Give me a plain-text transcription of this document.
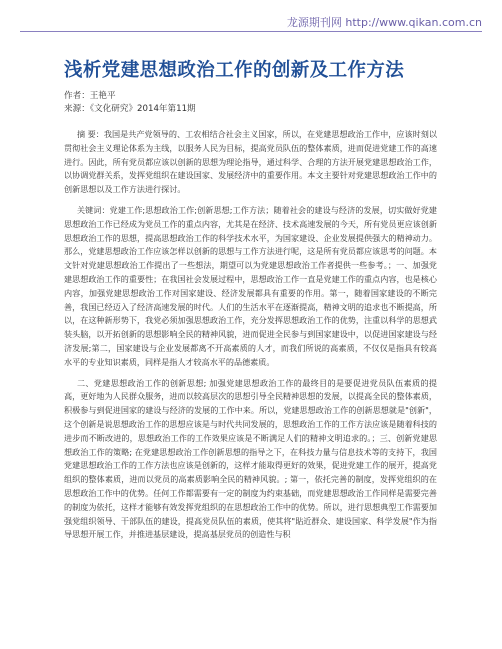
龙源期刊网 http://www.qikan.com.cn
浅析党建思想政治工作的创新及工作方法
作者：王艳平
来源：《文化研究》2014年第11期

摘 要：我国是共产党领导的、工农相结合社会主义国家，所以，在党建思想政治工作中，应该时刻以贯彻社会主义理论体系为主线，以服务人民为目标，提高党员队伍的整体素质，进而促进党建工作的高速进行。因此，所有党员都应该以创新的思想为理论指导，通过科学、合理的方法开展党建思想政治工作，以协调党群关系，发挥党组织在建设国家、发展经济中的重要作用。本文主要针对党建思想政治工作中的创新思想以及工作方法进行探讨。

关键词：党建工作;思想政治工作;创新思想;工作方法；随着社会的建设与经济的发展，切实做好党建思想政治工作已经成为党员工作的重点内容，尤其是在经济、技术高速发展的今天，所有党员更应该创新思想政治工作的思想，提高思想政治工作的科学技术水平，为国家建设、企业发展提供强大的精神动力。那么，党建思想政治工作应该怎样以创新的思想与工作方法进行呢，这是所有党员都应该思考的问题。本文针对党建思想政治工作提出了一些想法，期望可以为党建思想政治工作者提供一些参考。；一、加强党建思想政治工作的重要性；在我国社会发展过程中，思想政治工作一直是党建工作的重点内容，也是核心内容，加强党建思想政治工作对国家建设、经济发展都具有重要的作用。第一，随着国家建设的不断完善，我国已经迈入了经济高速发展的时代。人们的生活水平在逐渐提高，精神文明的追求也不断提高，所以，在这种新形势下，我党必须加强思想政治工作，充分发挥思想政治工作的优势，注重以科学的思想武装头脑，以开拓创新的思想影响全民的精神风貌，进而促进全民参与到国家建设中，以促进国家建设与经济发展;第二，国家建设与企业发展都离不开高素质的人才，而我们所说的高素质，不仅仅是指具有较高水平的专业知识素质，同样是指人才较高水平的品德素质。

二、党建思想政治工作的创新思想; 加强党建思想政治工作的最终目的是要促进党员队伍素质的提高，更好地为人民群众服务，进而以较高层次的思想引导全民精神思想的发展，以提高全民的整体素质，积极参与到促进国家的建设与经济的发展的工作中来。所以，党建思想政治工作的创新思想就是"创新"，这个创新是说思想政治工作的思想应该是与时代共同发展的，思想政治工作的工作方法应该是随着科技的进步而不断改进的，思想政治工作的工作效果应该是不断满足人们的精神文明追求的。；三、创新党建思想政治工作的策略; 在党建思想政治工作创新思想的指导之下，在科技力量与信息技术等的支持下，我国党建思想政治工作的工作方法也应该是创新的，这样才能取得更好的效果，促进党建工作的展开，提高党组织的整体素质，进而以党员的高素质影响全民的精神风貌。; 第一，依托完善的制度，发挥党组织的在思想政治工作中的优势。任何工作都需要有一定的制度为约束基础，而党建思想政治工作同样是需要完善的制度为依托，这样才能够有效发挥党组织的在思想政治工作中的优势。所以，进行思想典型工作需要加强党组织领导、干部队伍的建设，提高党员队伍的素质，使其将"貼近群众、建设国家、科学发展"作为指导思想开展工作，并推进基层建设，提高基层党员的创造性与积
